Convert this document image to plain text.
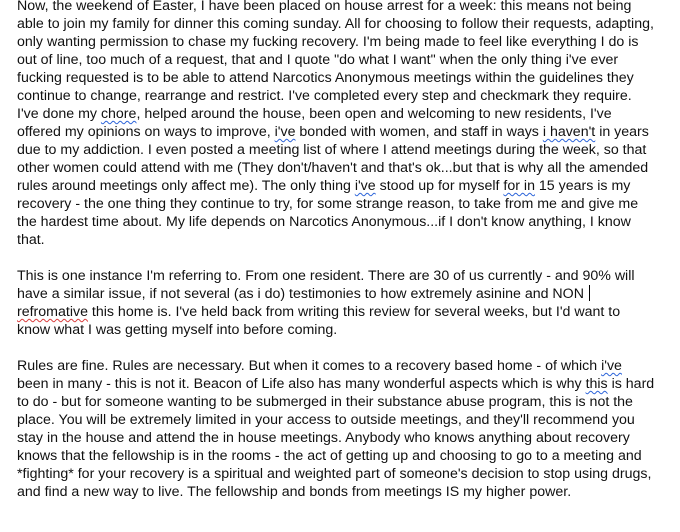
Now, the weekend of Easter, I have been placed on house arrest for a week: this means not being able to join my family for dinner this coming sunday. All for choosing to follow their requests, adapting, only wanting permission to chase my fucking recovery. I'm being made to feel like everything I do is out of line, too much of a request, that and I quote "do what I want" when the only thing i've ever fucking requested is to be able to attend Narcotics Anonymous meetings within the guidelines they continue to change, rearrange and restrict. I've completed every step and checkmark they require. I've done my chore, helped around the house, been open and welcoming to new residents, I've offered my opinions on ways to improve, i've bonded with women, and staff in ways i haven't in years due to my addiction. I even posted a meeting list of where I attend meetings during the week, so that other women could attend with me (They don't/haven't and that's ok...but that is why all the amended rules around meetings only affect me). The only thing i've stood up for myself for in 15 years is my recovery - the one thing they continue to try, for some strange reason, to take from me and give me the hardest time about. My life depends on Narcotics Anonymous...if I don't know anything, I know that.

This is one instance I'm referring to. From one resident. There are 30 of us currently - and 90% will have a similar issue, if not several (as i do) testimonies to how extremely asinine and NON refromative this home is. I've held back from writing this review for several weeks, but I'd want to know what I was getting myself into before coming.

Rules are fine. Rules are necessary. But when it comes to a recovery based home - of which i've been in many - this is not it. Beacon of Life also has many wonderful aspects which is why this is hard to do - but for someone wanting to be submerged in their substance abuse program, this is not the place. You will be extremely limited in your access to outside meetings, and they'll recommend you stay in the house and attend the in house meetings. Anybody who knows anything about recovery knows that the fellowship is in the rooms - the act of getting up and choosing to go to a meeting and *fighting* for your recovery is a spiritual and weighted part of someone's decision to stop using drugs, and find a new way to live. The fellowship and bonds from meetings IS my higher power.
